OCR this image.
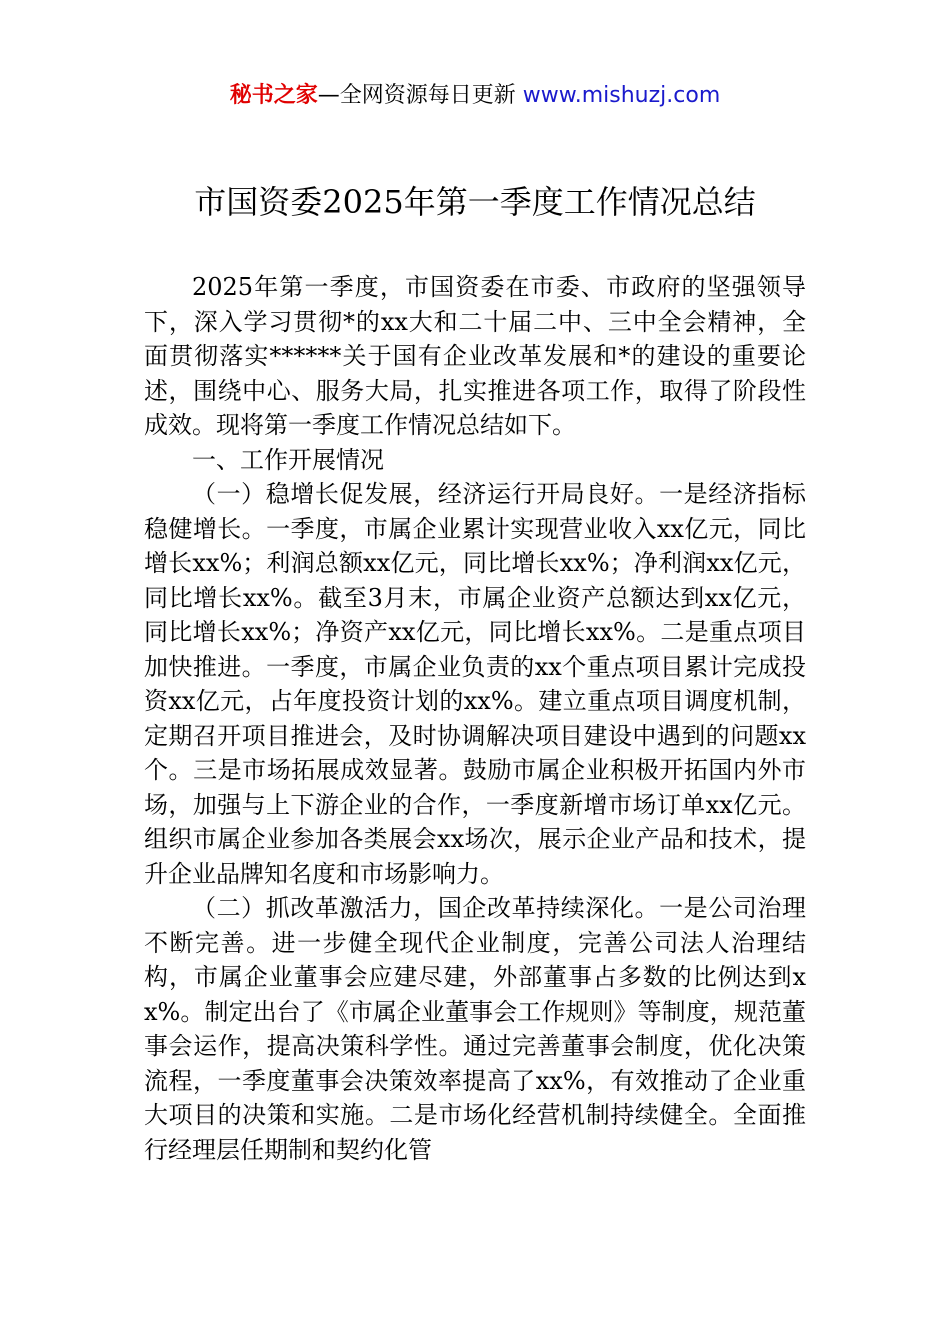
秘书之家—全网资源每日更新 www.mishuzj.com
市国资委2025年第一季度工作情况总结

2025年第一季度，市国资委在市委、市政府的坚强领导下，深入学习贯彻*的xx大和二十届二中、三中全会精神，全面贯彻落实******关于国有企业改革发展和*的建设的重要论述，围绕中心、服务大局，扎实推进各项工作，取得了阶段性成效。现将第一季度工作情况总结如下。

一、工作开展情况

（一）稳增长促发展，经济运行开局良好。一是经济指标稳健增长。一季度，市属企业累计实现营业收入xx亿元，同比增长xx%；利润总额xx亿元，同比增长xx%；净利润xx亿元，同比增长xx%。截至3月末，市属企业资产总额达到xx亿元，同比增长xx%；净资产xx亿元，同比增长xx%。二是重点项目加快推进。一季度，市属企业负责的xx个重点项目累计完成投资xx亿元，占年度投资计划的xx%。建立重点项目调度机制，定期召开项目推进会，及时协调解决项目建设中遇到的问题xx个。三是市场拓展成效显著。鼓励市属企业积极开拓国内外市场，加强与上下游企业的合作，一季度新增市场订单xx亿元。组织市属企业参加各类展会xx场次，展示企业产品和技术，提升企业品牌知名度和市场影响力。

（二）抓改革激活力，国企改革持续深化。一是公司治理不断完善。进一步健全现代企业制度，完善公司法人治理结构，市属企业董事会应建尽建，外部董事占多数的比例达到xx%。制定出台了《市属企业董事会工作规则》等制度，规范董事会运作，提高决策科学性。通过完善董事会制度，优化决策流程，一季度董事会决策效率提高了xx%，有效推动了企业重大项目的决策和实施。二是市场化经营机制持续健全。全面推行经理层任期制和契约化管
